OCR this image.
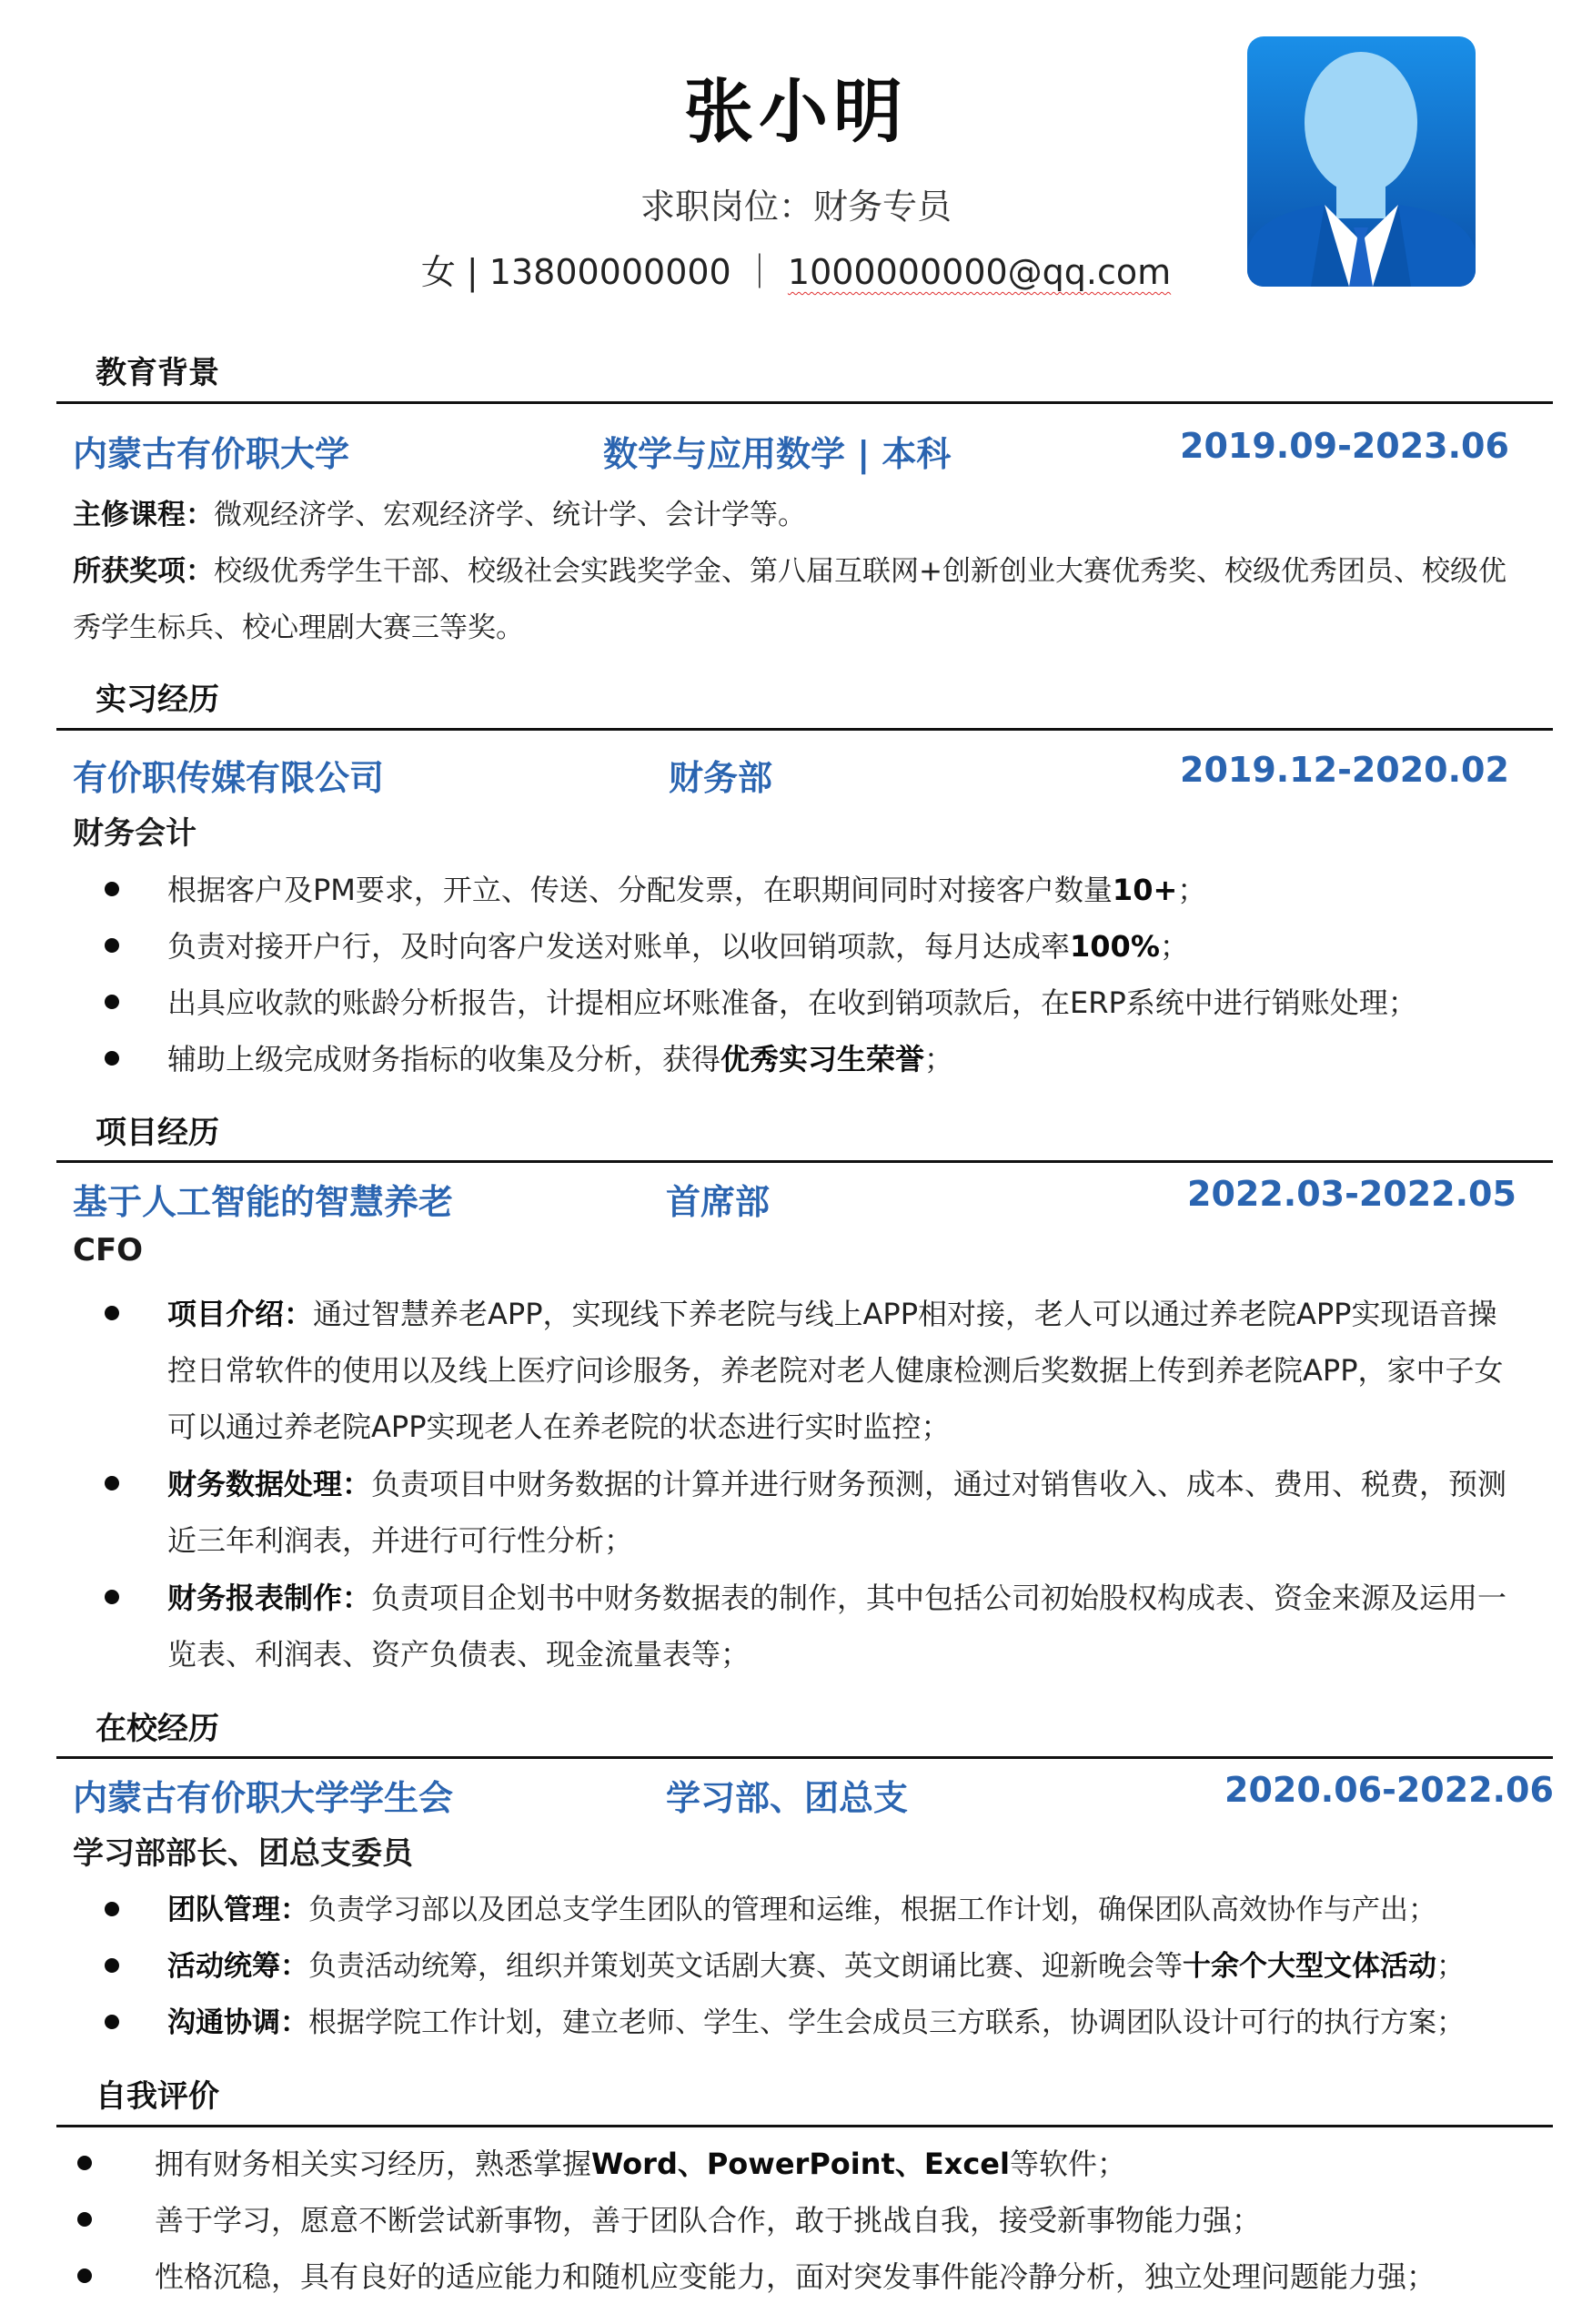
张小明
求职岗位：财务专员
女 | 13800000000 ｜ 1000000000@qq.com
教育背景
内蒙古有价职大学	数学与应用数学 | 本科	2019.09-2023.06
主修课程：微观经济学、宏观经济学、统计学、会计学等。
所获奖项：校级优秀学生干部、校级社会实践奖学金、第八届互联网+创新创业大赛优秀奖、校级优秀团员、校级优秀学生标兵、校心理剧大赛三等奖。
实习经历
有价职传媒有限公司	财务部	2019.12-2020.02
财务会计
根据客户及PM要求，开立、传送、分配发票，在职期间同时对接客户数量10+；
负责对接开户行，及时向客户发送对账单，以收回销项款，每月达成率100%；
出具应收款的账龄分析报告，计提相应坏账准备，在收到销项款后，在ERP系统中进行销账处理；
辅助上级完成财务指标的收集及分析，获得优秀实习生荣誉；
项目经历
基于人工智能的智慧养老	首席部	2022.03-2022.05
CFO
项目介绍：通过智慧养老APP，实现线下养老院与线上APP相对接，老人可以通过养老院APP实现语音操控日常软件的使用以及线上医疗问诊服务，养老院对老人健康检测后奖数据上传到养老院APP，家中子女可以通过养老院APP实现老人在养老院的状态进行实时监控；
财务数据处理：负责项目中财务数据的计算并进行财务预测，通过对销售收入、成本、费用、税费，预测近三年利润表，并进行可行性分析；
财务报表制作：负责项目企划书中财务数据表的制作，其中包括公司初始股权构成表、资金来源及运用一览表、利润表、资产负债表、现金流量表等；
在校经历
内蒙古有价职大学学生会	学习部、团总支	2020.06-2022.06
学习部部长、团总支委员
团队管理：负责学习部以及团总支学生团队的管理和运维，根据工作计划，确保团队高效协作与产出；
活动统筹：负责活动统筹，组织并策划英文话剧大赛、英文朗诵比赛、迎新晚会等十余个大型文体活动；
沟通协调：根据学院工作计划，建立老师、学生、学生会成员三方联系，协调团队设计可行的执行方案；
自我评价
拥有财务相关实习经历，熟悉掌握Word、PowerPoint、Excel等软件；
善于学习，愿意不断尝试新事物，善于团队合作，敢于挑战自我，接受新事物能力强；
性格沉稳，具有良好的适应能力和随机应变能力，面对突发事件能冷静分析，独立处理问题能力强；
